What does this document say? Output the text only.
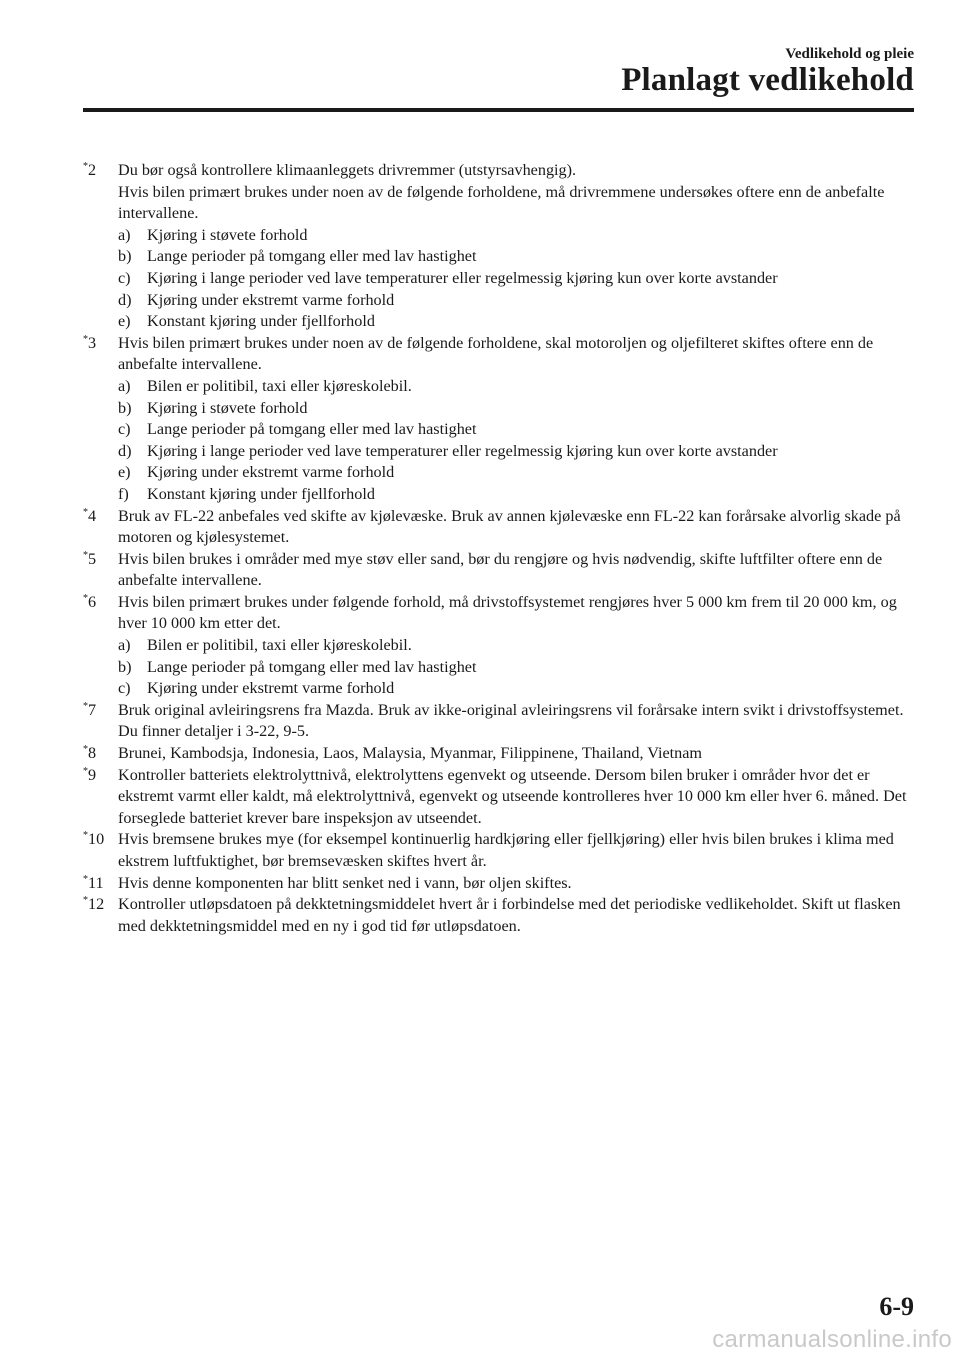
Vedlikehold og pleie
Planlagt vedlikehold
*2	Du bør også kontrollere klimaanleggets drivremmer (utstyrsavhengig).
Hvis bilen primært brukes under noen av de følgende forholdene, må drivremmene undersøkes oftere enn de anbefalte intervallene.
a)	Kjøring i støvete forhold
b) Lange perioder på tomgang eller med lav hastighet
c)	Kjøring i lange perioder ved lave temperaturer eller regelmessig kjøring kun over korte avstander
d) Kjøring under ekstremt varme forhold
e)	Konstant kjøring under fjellforhold
*3	Hvis bilen primært brukes under noen av de følgende forholdene, skal motoroljen og oljefilteret skiftes oftere enn de anbefalte intervallene.
a)	Bilen er politibil, taxi eller kjøreskolebil.
b) Kjøring i støvete forhold
c)	Lange perioder på tomgang eller med lav hastighet
d) Kjøring i lange perioder ved lave temperaturer eller regelmessig kjøring kun over korte avstander
e)	Kjøring under ekstremt varme forhold
f)	Konstant kjøring under fjellforhold
*4	Bruk av FL-22 anbefales ved skifte av kjølevæske. Bruk av annen kjølevæske enn FL-22 kan forårsake alvorlig skade på motoren og kjølesystemet.
*5	Hvis bilen brukes i områder med mye støv eller sand, bør du rengjøre og hvis nødvendig, skifte luftfilter oftere enn de anbefalte intervallene.
*6	Hvis bilen primært brukes under følgende forhold, må drivstoffsystemet rengjøres hver 5 000 km frem til 20 000 km, og hver 10 000 km etter det.
a)	Bilen er politibil, taxi eller kjøreskolebil.
b) Lange perioder på tomgang eller med lav hastighet
c)	Kjøring under ekstremt varme forhold
*7	Bruk original avleiringsrens fra Mazda. Bruk av ikke-original avleiringsrens vil forårsake intern svikt i drivstoffsystemet. Du finner detaljer i 3-22, 9-5.
*8	Brunei, Kambodsja, Indonesia, Laos, Malaysia, Myanmar, Filippinene, Thailand, Vietnam
*9	Kontroller batteriets elektrolyttnivå, elektrolyttens egenvekt og utseende. Dersom bilen bruker i områder hvor det er ekstremt varmt eller kaldt, må elektrolyttnivå, egenvekt og utseende kontrolleres hver 10 000 km eller hver 6. måned. Det forseglede batteriet krever bare inspeksjon av utseendet.
*10 Hvis bremsene brukes mye (for eksempel kontinuerlig hardkjøring eller fjellkjøring) eller hvis bilen brukes i klima med ekstrem luftfuktighet, bør bremsevæsken skiftes hvert år.
*11 Hvis denne komponenten har blitt senket ned i vann, bør oljen skiftes.
*12 Kontroller utløpsdatoen på dekktetningsmiddelet hvert år i forbindelse med det periodiske vedlikeholdet. Skift ut flasken med dekktetningsmiddel med en ny i god tid før utløpsdatoen.
6-9
carmanualsonline.info
